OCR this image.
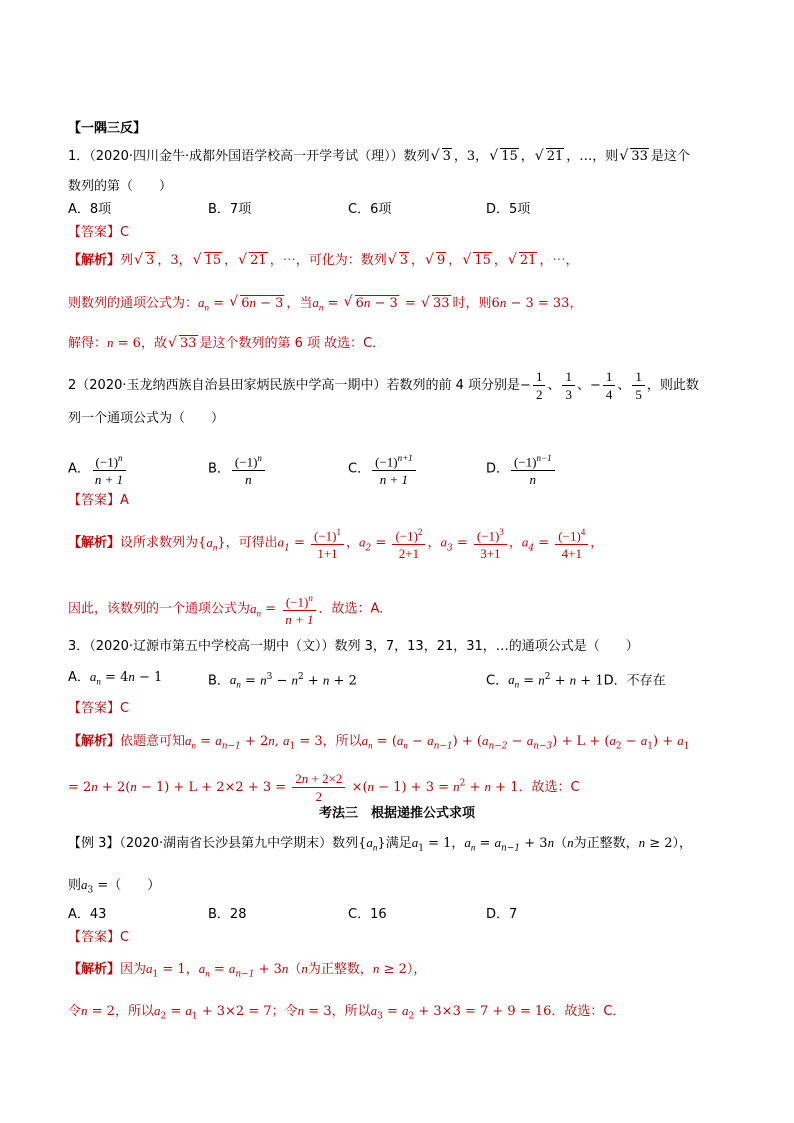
【一隅三反】
1．（2020·四川金牛·成都外国语学校高一开学考试（理））数列 √ 3 ，3， √ 15 ， √ 21 ，…，则 √ 33 是这个
数列的第（　　）
A．8项	B．7项	C．6项	D．5项
【答案】C
【解析】列 √ 3 ，3， √ 15 ， √ 21 ，⋯，可化为：数列 √ 3 ， √ 9 ， √ 15 ， √ 21 ，⋯，
则数列的通项公式为：$a_n$ = √ 6n − 3 ，当$a_n$ = √ 6n − 3 = √ 33 时，则6n − 3 = 33，
解得：n = 6，故 √ 33 是这个数列的第 6 项 故选：C．
2（2020·玉龙纳西族自治县田家炳民族中学高一期中）若数列的前 4 项分别是− $\frac{1}{2}$ 、 $\frac{1}{3}$ 、− $\frac{1}{4}$ 、 $\frac{1}{5}$ ，则此数
列一个通项公式为（　　）
A． $\frac{(-1)^n}{n + 1}$	B． $\frac{(-1)^n}{n}$	C． $\frac{(-1)^{n+1}}{n + 1}$	D． $\frac{(-1)^{n-1}}{n}$
【答案】A
【解析】设所求数列为$\{a_n\}$，可得出$a_1 = \frac{(-1)^1}{1+1}$ ，$a_2 = \frac{(-1)^2}{2+1}$ ，$a_3 = \frac{(-1)^3}{3+1}$ ，$a_4 = \frac{(-1)^4}{4+1}$ ，
因此，该数列的一个通项公式为$a_n = \frac{(-1)^n}{n + 1}$ ．故选：A．
3．（2020·辽源市第五中学校高一期中（文））数列 3，7，13，21，31，…的通项公式是（　　）
A．$a_n = 4n - 1$	B．$a_n = n^3 - n^2 + n + 2$	C．$a_n = n^2 + n + 1D$．不存在
【答案】C
【解析】依题意可知$a_n = a_{n-1} + 2n$, $a_1 = 3$，所以$a_n = (a_n - a_{n-1}) + (a_{n-2} - a_{n-3}) + L + (a_2 - a_1) + a_1$
= $2n + 2(n - 1) + L + 2\times 2 + 3 = \frac{2n + 2\times 2}{2} \times(n - 1) + 3 = n^2 + n + 1$．故选：C
考法三　根据递推公式求项
【例 3】（2020·湖南省长沙县第九中学期末）数列$\{a_n\}$满足$a_1 = 1$，$a_n = a_{n-1} + 3n(n$为正整数，n ≥ 2），
则$a_3$ =（　　）
A．43	B．28	C．16	D．7
【答案】C
【解析】因为$a_1 = 1$，$a_n = a_{n-1} + 3n(n$为正整数，n ≥ 2），
令n = 2，所以$a_2 = a_1 + 3\times 2 = 7$；令n = 3，所以$a_3 = a_2 + 3\times 3 = 7 + 9 = 16$．故选：C．
